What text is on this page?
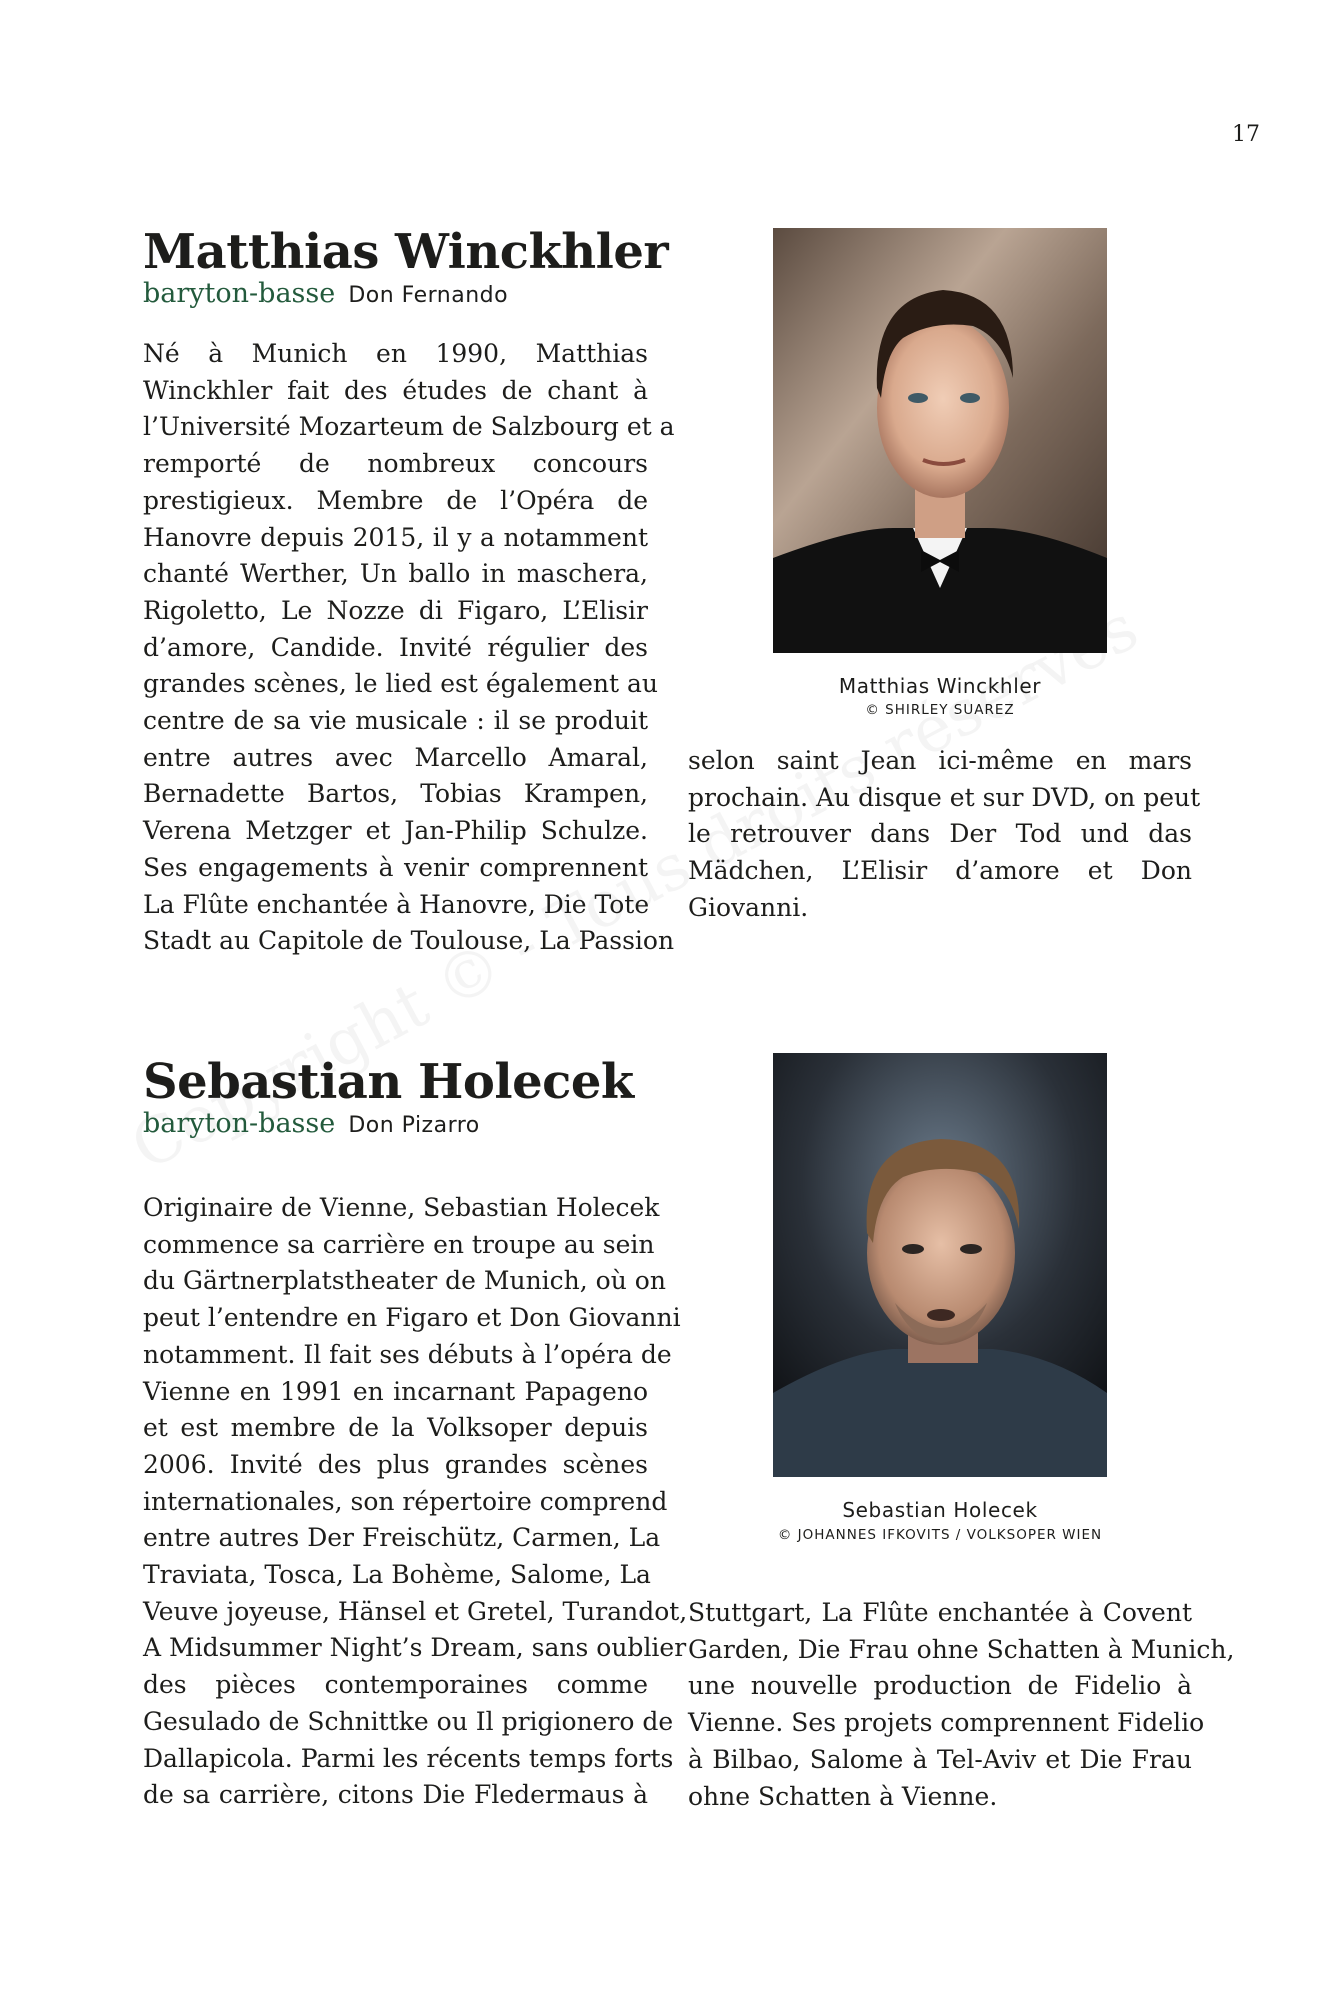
17
Matthias Winckhler
baryton-basse Don Fernando
Né à Munich en 1990, Matthias
Winckhler fait des études de chant à
l’Université Mozarteum de Salzbourg et a
remporté de nombreux concours
prestigieux. Membre de l’Opéra de
Hanovre depuis 2015, il y a notamment
chanté Werther, Un ballo in maschera,
Rigoletto, Le Nozze di Figaro, L’Elisir
d’amore, Candide. Invité régulier des
grandes scènes, le lied est également au
centre de sa vie musicale : il se produit
entre autres avec Marcello Amaral,
Bernadette Bartos, Tobias Krampen,
Verena Metzger et Jan-Philip Schulze.
Ses engagements à venir comprennent
La Flûte enchantée à Hanovre, Die Tote
Stadt au Capitole de Toulouse, La Passion
Matthias Winckhler
© SHIRLEY SUAREZ
selon saint Jean ici-même en mars
prochain. Au disque et sur DVD, on peut
le retrouver dans Der Tod und das
Mädchen, L’Elisir d’amore et Don
Giovanni.
Sebastian Holecek
baryton-basse Don Pizarro
Originaire de Vienne, Sebastian Holecek
commence sa carrière en troupe au sein
du Gärtnerplatstheater de Munich, où on
peut l’entendre en Figaro et Don Giovanni
notamment. Il fait ses débuts à l’opéra de
Vienne en 1991 en incarnant Papageno
et est membre de la Volksoper depuis
2006. Invité des plus grandes scènes
internationales, son répertoire comprend
entre autres Der Freischütz, Carmen, La
Traviata, Tosca, La Bohème, Salome, La
Veuve joyeuse, Hänsel et Gretel, Turandot,
A Midsummer Night’s Dream, sans oublier
des pièces contemporaines comme
Gesulado de Schnittke ou Il prigionero de
Dallapicola. Parmi les récents temps forts
de sa carrière, citons Die Fledermaus à
Sebastian Holecek
© JOHANNES IFKOVITS / VOLKSOPER WIEN
Stuttgart, La Flûte enchantée à Covent
Garden, Die Frau ohne Schatten à Munich,
une nouvelle production de Fidelio à
Vienne. Ses projets comprennent Fidelio
à Bilbao, Salome à Tel-Aviv et Die Frau
ohne Schatten à Vienne.
